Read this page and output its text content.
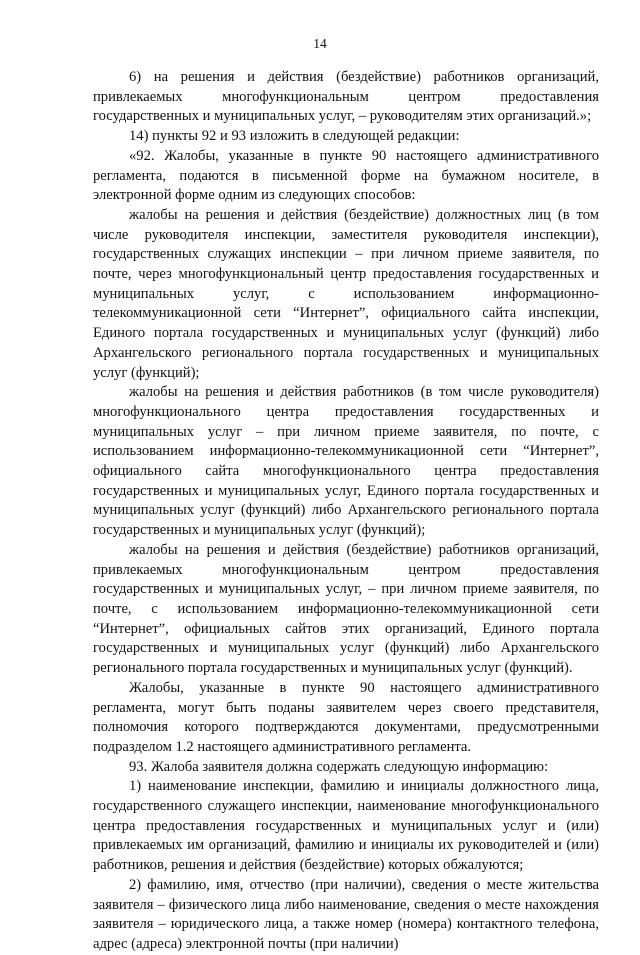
14

6) на решения и действия (бездействие) работников организаций, привлекаемых многофункциональным центром предоставления государственных и муниципальных услуг, – руководителям этих организаций.»;

14) пункты 92 и 93 изложить в следующей редакции:

«92. Жалобы, указанные в пункте 90 настоящего административного регламента, подаются в письменной форме на бумажном носителе, в электронной форме одним из следующих способов:

жалобы на решения и действия (бездействие) должностных лиц (в том числе руководителя инспекции, заместителя руководителя инспекции), государственных служащих инспекции – при личном приеме заявителя, по почте, через многофункциональный центр предоставления государственных и муниципальных услуг, с использованием информационно-телекоммуникационной сети “Интернет”, официального сайта инспекции, Единого портала государственных и муниципальных услуг (функций) либо Архангельского регионального портала государственных и муниципальных услуг (функций);

жалобы на решения и действия работников (в том числе руководителя) многофункционального центра предоставления государственных и муниципальных услуг – при личном приеме заявителя, по почте, с использованием информационно-телекоммуникационной сети “Интернет”, официального сайта многофункционального центра предоставления государственных и муниципальных услуг, Единого портала государственных и муниципальных услуг (функций) либо Архангельского регионального портала государственных и муниципальных услуг (функций);

жалобы на решения и действия (бездействие) работников организаций, привлекаемых многофункциональным центром предоставления государственных и муниципальных услуг, – при личном приеме заявителя, по почте, с использованием информационно-телекоммуникационной сети “Интернет”, официальных сайтов этих организаций, Единого портала государственных и муниципальных услуг (функций) либо Архангельского регионального портала государственных и муниципальных услуг (функций).

Жалобы, указанные в пункте 90 настоящего административного регламента, могут быть поданы заявителем через своего представителя, полномочия которого подтверждаются документами, предусмотренными подразделом 1.2 настоящего административного регламента.

93. Жалоба заявителя должна содержать следующую информацию:

1) наименование инспекции, фамилию и инициалы должностного лица, государственного служащего инспекции, наименование многофункционального центра предоставления государственных и муниципальных услуг и (или) привлекаемых им организаций, фамилию и инициалы их руководителей и (или) работников, решения и действия (бездействие) которых обжалуются;

2) фамилию, имя, отчество (при наличии), сведения о месте жительства заявителя – физического лица либо наименование, сведения о месте нахождения заявителя – юридического лица, а также номер (номера) контактного телефона, адрес (адреса) электронной почты (при наличии)
